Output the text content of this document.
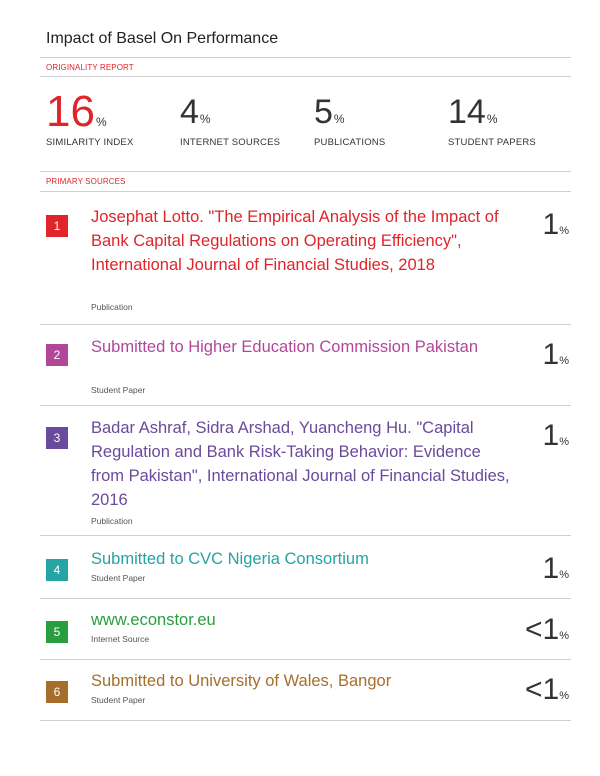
Impact of Basel On Performance
ORIGINALITY REPORT
16%
SIMILARITY INDEX
4%
INTERNET SOURCES
5%
PUBLICATIONS
14%
STUDENT PAPERS
PRIMARY SOURCES
1	Josephat Lotto. "The Empirical Analysis of the Impact of Bank Capital Regulations on Operating Efficiency", International Journal of Financial Studies, 2018
Publication
1%
2	Submitted to Higher Education Commission Pakistan
Student Paper
1%
3
Badar Ashraf, Sidra Arshad, Yuancheng Hu. "Capital Regulation and Bank Risk-Taking Behavior: Evidence from Pakistan", International Journal of Financial Studies, 2016
Publication
1%
4
Submitted to CVC Nigeria Consortium
Student Paper	1%
5
www.econstor.eu
Internet Source	<1%
6
Submitted to University of Wales, Bangor
Student Paper	<1%
